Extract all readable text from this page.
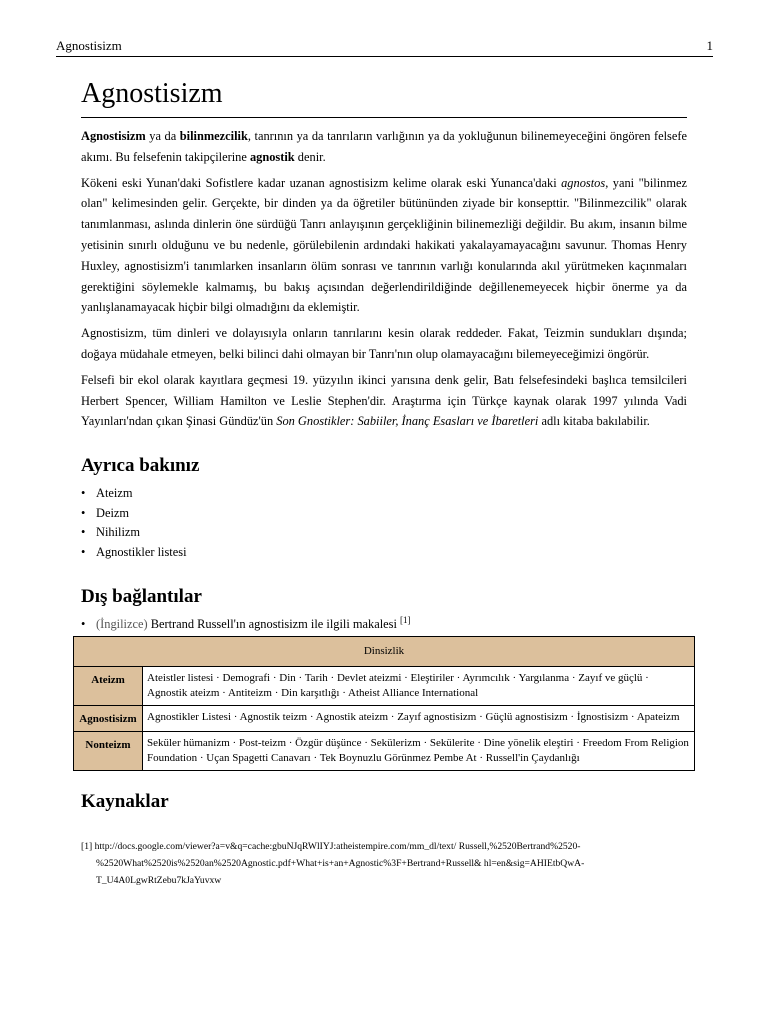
Agnostisizm	1
Agnostisizm

Agnostisizm ya da bilinmezcilik, tanrının ya da tanrıların varlığının ya da yokluğunun bilinemeyeceğini öngören felsefe akımı. Bu felsefenin takipçilerine agnostik denir.

Kökeni eski Yunan'daki Sofistlere kadar uzanan agnostisizm kelime olarak eski Yunanca'daki agnostos, yani "bilinmez olan" kelimesinden gelir. Gerçekte, bir dinden ya da öğretiler bütününden ziyade bir konsepttir. "Bilinmezcilik" olarak tanımlanması, aslında dinlerin öne sürdüğü Tanrı anlayışının gerçekliğinin bilinemezliği değildir. Bu akım, insanın bilme yetisinin sınırlı olduğunu ve bu nedenle, görülebilenin ardındaki hakikati yakalayamayacağını savunur. Thomas Henry Huxley, agnostisizm'i tanımlarken insanların ölüm sonrası ve tanrının varlığı konularında akıl yürütmeken kaçınmaları gerektiğini söylemekle kalmamış, bu bakış açısından değerlendirildiğinde değillenemeyecek hiçbir önerme ya da yanlışlanamayacak hiçbir bilgi olmadığını da eklemiştir.

Agnostisizm, tüm dinleri ve dolayısıyla onların tanrılarını kesin olarak reddeder. Fakat, Teizmin sundukları dışında; doğaya müdahale etmeyen, belki bilinci dahi olmayan bir Tanrı'nın olup olamayacağını bilemeyeceğimizi öngörür.

Felsefi bir ekol olarak kayıtlara geçmesi 19. yüzyılın ikinci yarısına denk gelir, Batı felsefesindeki başlıca temsilcileri Herbert Spencer, William Hamilton ve Leslie Stephen'dir. Araştırma için Türkçe kaynak olarak 1997 yılında Vadi Yayınları'ndan çıkan Şinasi Gündüz'ün Son Gnostikler: Sabiiler, İnanç Esasları ve İbaretleri adlı kitaba bakılabilir.

Ayrıca bakınız
• Ateizm
• Deizm
• Nihilizm
• Agnostikler listesi
Dış bağlantılar
• (İngilizce) Bertrand Russell'ın agnostisizm ile ilgili makalesi [1]
Dinsizlik	
Ateizm	Ateistler listesi · Demografi · Din · Tarih · Devlet ateizmi · Eleştiriler · Ayrımcılık · Yargılanma · Zayıf ve güçlü · Agnostik ateizm · Antiteizm · Din karşıtlığı · Atheist Alliance International
Agnostisizm	Agnostikler Listesi · Agnostik teizm · Agnostik ateizm · Zayıf agnostisizm · Güçlü agnostisizm · İgnostisizm · Apateizm
Nonteizm	Seküler hümanizm · Post-teizm · Özgür düşünce · Sekülerizm · Sekülerite · Dine yönelik eleştiri · Freedom From Religion Foundation · Uçan Spagetti Canavarı · Tek Boynuzlu Görünmez Pembe At · Russell'in Çaydanlığı
Kaynaklar
[1] http://docs.google.com/viewer?a=v&q=cache:gbuNJqRWlIYJ:atheistempire.com/mm_dl/text/ Russell,%2520Bertrand%2520-%2520What%2520is%2520an%2520Agnostic.pdf+What+is+an+Agnostic%3F+Bertrand+Russell& hl=en&sig=AHIEtbQwA-T_U4A0LgwRtZebu7kJaYuvxw
